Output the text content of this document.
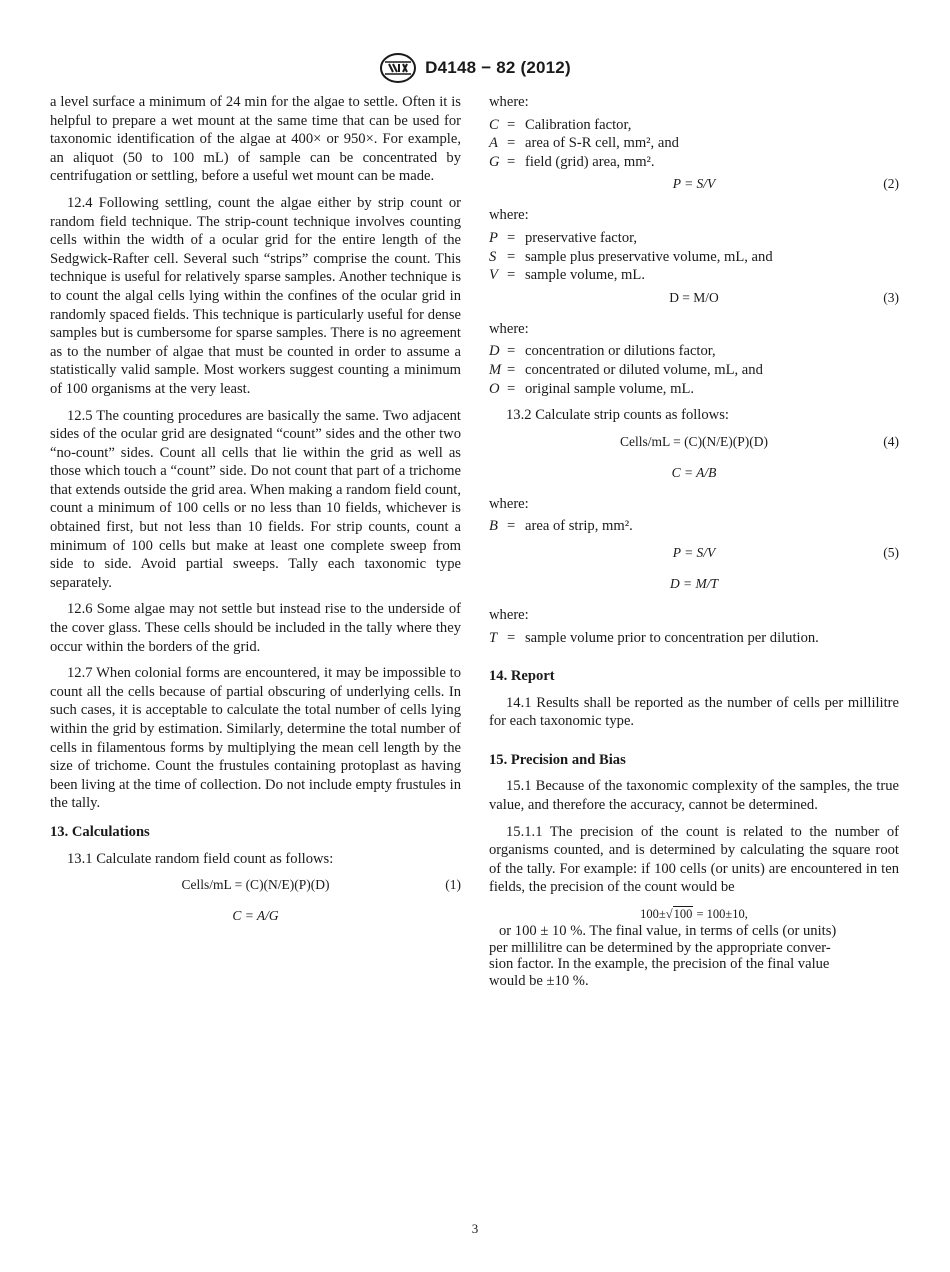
D4148 − 82 (2012)

a level surface a minimum of 24 min for the algae to settle. Often it is helpful to prepare a wet mount at the same time that can be used for taxonomic identification of the algae at 400× or 950×. For example, an aliquot (50 to 100 mL) of sample can be concentrated by centrifugation or settling, before a useful wet mount can be made.

12.4 Following settling, count the algae either by strip count or random field technique. The strip-count technique involves counting cells within the width of a ocular grid for the entire length of the Sedgwick-Rafter cell. Several such “strips” comprise the count. This technique is useful for relatively sparse samples. Another technique is to count the algal cells lying within the confines of the ocular grid in randomly spaced fields. This technique is particularly useful for dense samples but is cumbersome for sparse samples. There is no agreement as to the number of algae that must be counted in order to assume a statistically valid sample. Most workers suggest counting a minimum of 100 organisms at the very least.

12.5 The counting procedures are basically the same. Two adjacent sides of the ocular grid are designated “count” sides and the other two “no-count” sides. Count all cells that lie within the grid as well as those which touch a “count” side. Do not count that part of a trichome that extends outside the grid area. When making a random field count, count a minimum of 100 cells or no less than 10 fields, whichever is obtained first, but not less than 10 fields. For strip counts, count a minimum of 100 cells but make at least one complete sweep from side to side. Avoid partial sweeps. Tally each taxonomic type separately.

12.6 Some algae may not settle but instead rise to the underside of the cover glass. These cells should be included in the tally where they occur within the borders of the grid.

12.7 When colonial forms are encountered, it may be impossible to count all the cells because of partial obscuring of underlying cells. In such cases, it is acceptable to calculate the total number of cells lying within the grid by estimation. Similarly, determine the total number of cells in filamentous forms by multiplying the mean cell length by the size of trichome. Count the frustules containing protoplast as having been living at the time of collection. Do not include empty frustules in the tally.

13. Calculations

13.1 Calculate random field count as follows:

Cells/mL = (C)(N/E)(P)(D)	(1)
C = A/G
where:
C = Calibration factor,
A = area of S-R cell, mm², and
G = field (grid) area, mm².
P = S/V	(2)
where:
P = preservative factor,
S = sample plus preservative volume, mL, and
V = sample volume, mL.
D = M/O	(3)
where:
D = concentration or dilutions factor,
M = concentrated or diluted volume, mL, and
O = original sample volume, mL.

13.2 Calculate strip counts as follows:

Cells/mL = (C)(N/E)(P)(D)	(4)
C = A/B
where:
B = area of strip, mm².
P = S/V	(5)
D = M/T
where:
T = sample volume prior to concentration per dilution.
14. Report

14.1 Results shall be reported as the number of cells per millilitre for each taxonomic type.

15. Precision and Bias

15.1 Because of the taxonomic complexity of the samples, the true value, and therefore the accuracy, cannot be determined.

15.1.1 The precision of the count is related to the number of organisms counted, and is determined by calculating the square root of the tally. For example: if 100 cells (or units) are encountered in ten fields, the precision of the count would be

100±√100 = 100±10,

or 100 ± 10 %. The final value, in terms of cells (or units)

per millilitre can be determined by the appropriate conver-

sion factor. In the example, the precision of the final value

would be ±10 %.

3
